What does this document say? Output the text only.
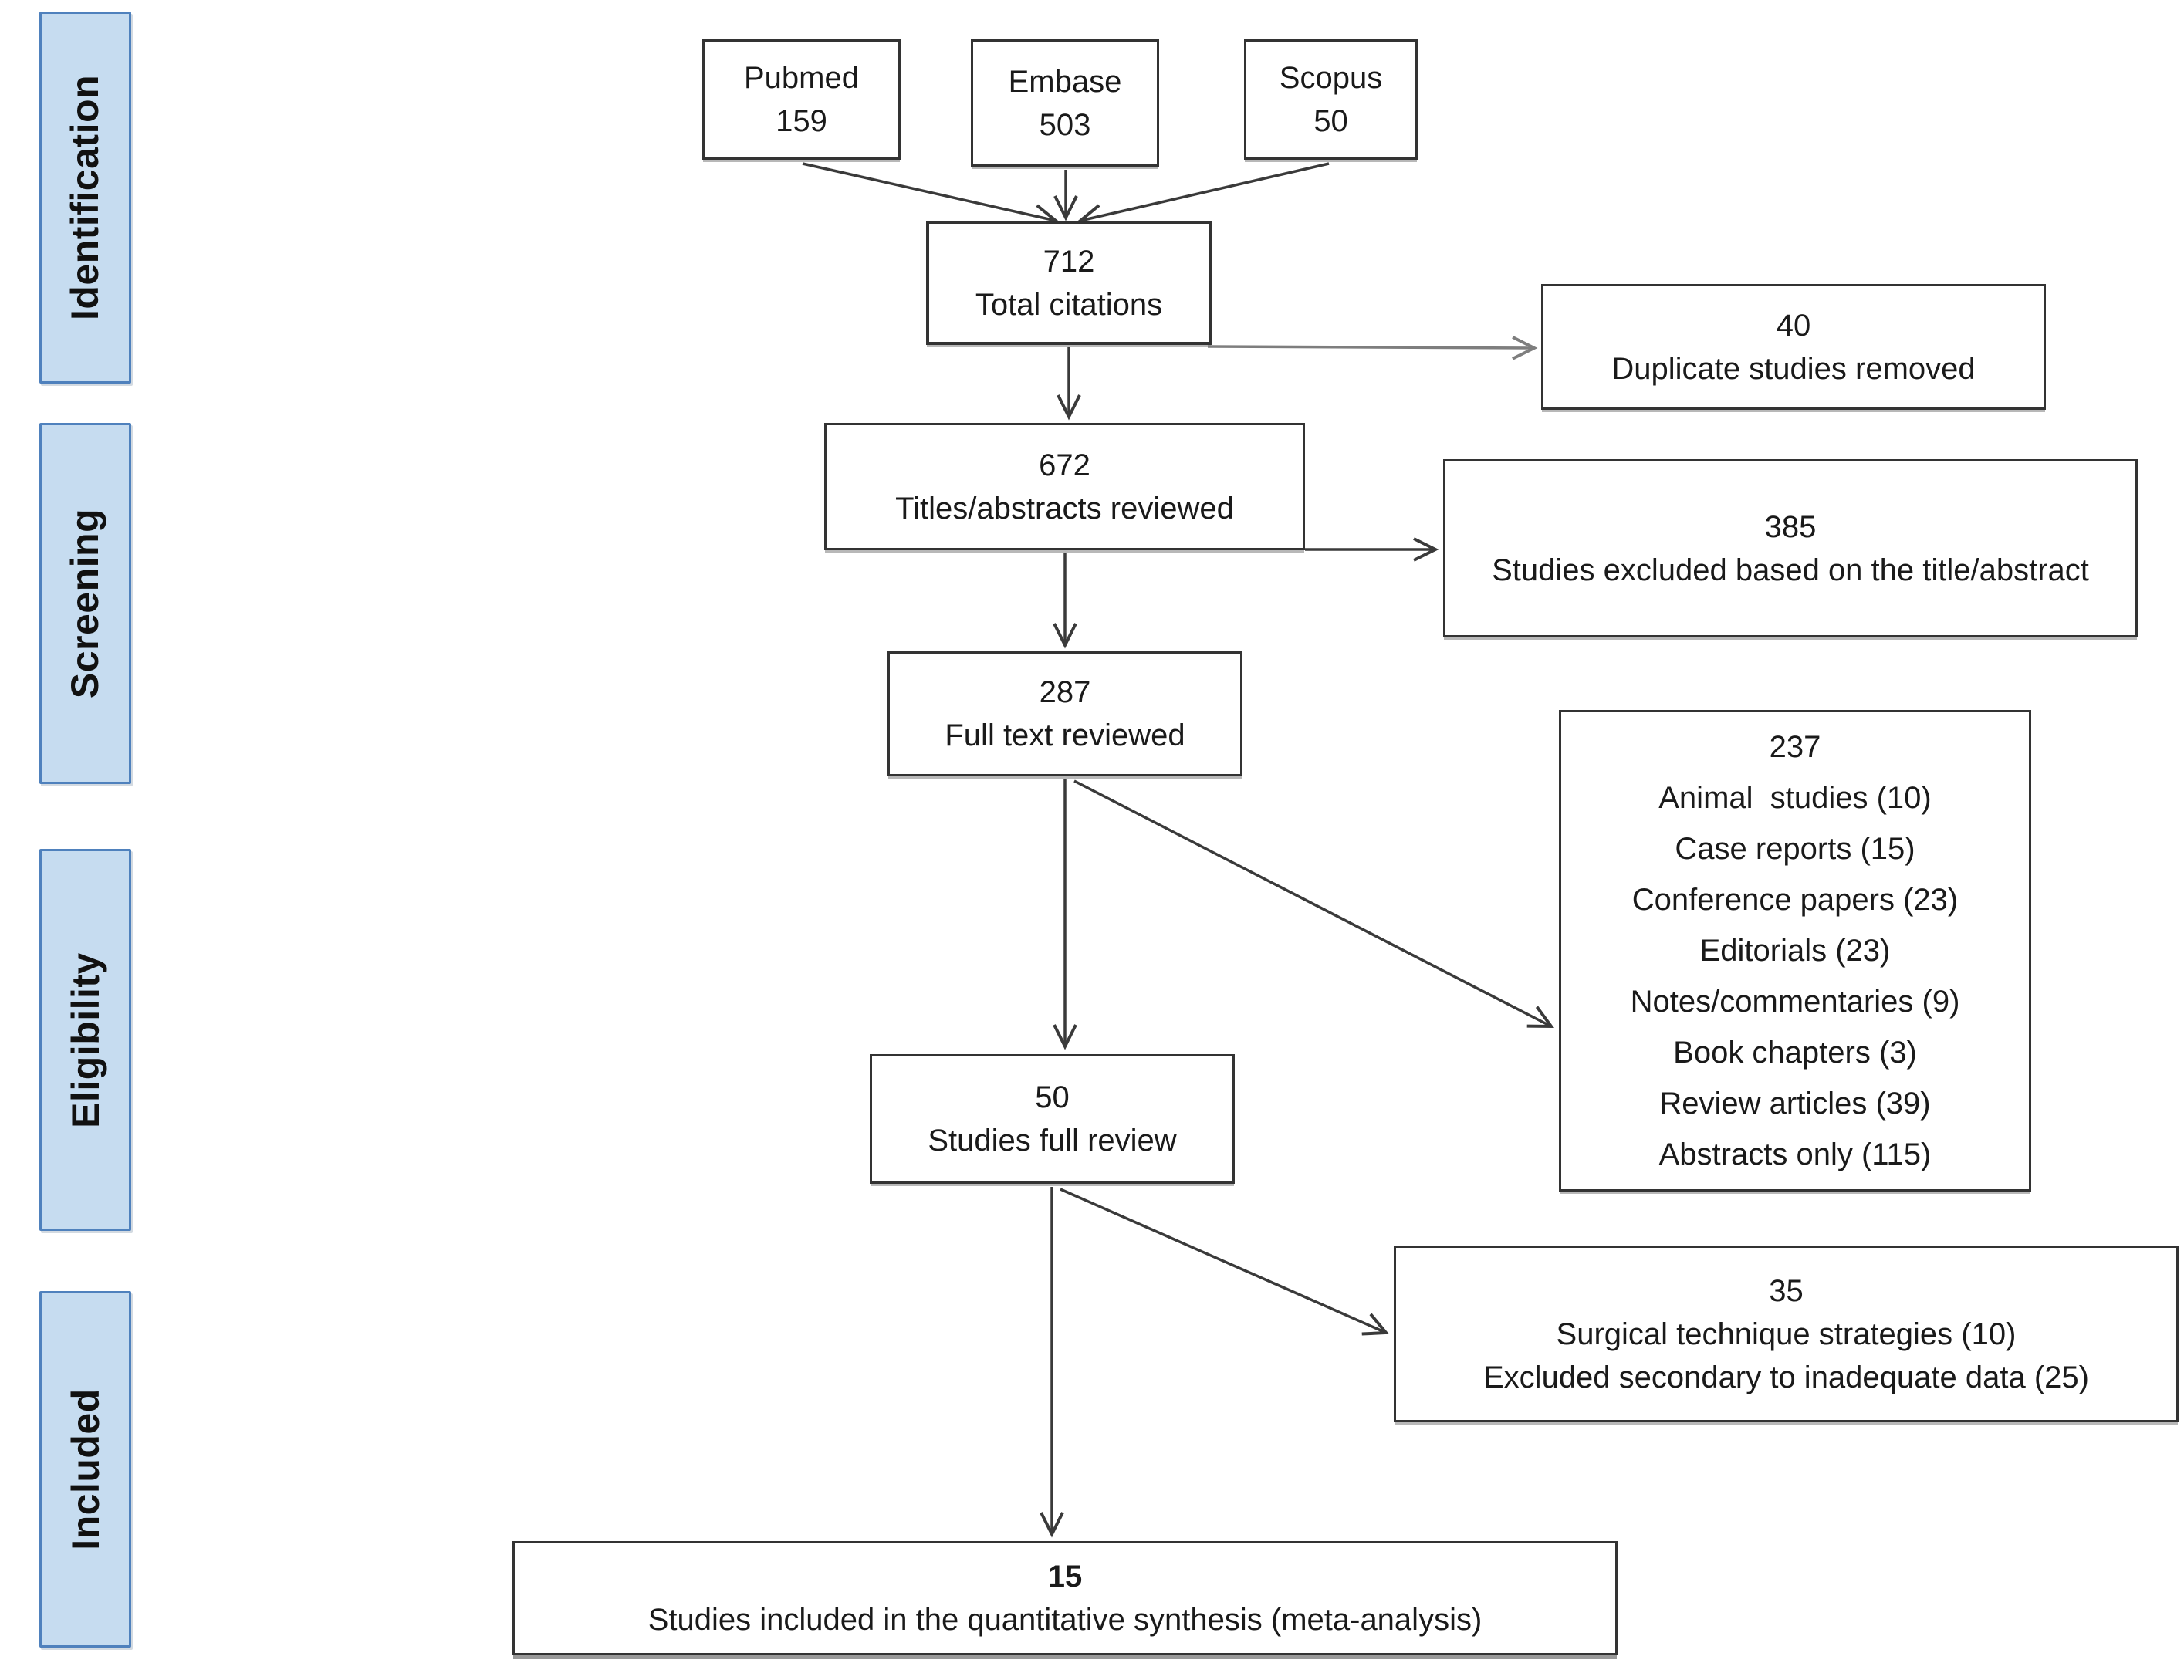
Identification
Screening
Eligibility
Included
Pubmed
159
Embase
503
Scopus
50
712
Total citations
40
Duplicate studies removed
672
Titles/abstracts reviewed
385
Studies excluded based on the title/abstract
287
Full text reviewed	237
Animal  studies (10)
Case reports (15)
Conference papers (23)
Editorials (23)
Notes/commentaries (9)
Book chapters (3)
Review articles (39)
Abstracts only (115)
50
Studies full review
35
Surgical technique strategies (10)
Excluded secondary to inadequate data (25)
15
Studies included in the quantitative synthesis (meta-analysis)
